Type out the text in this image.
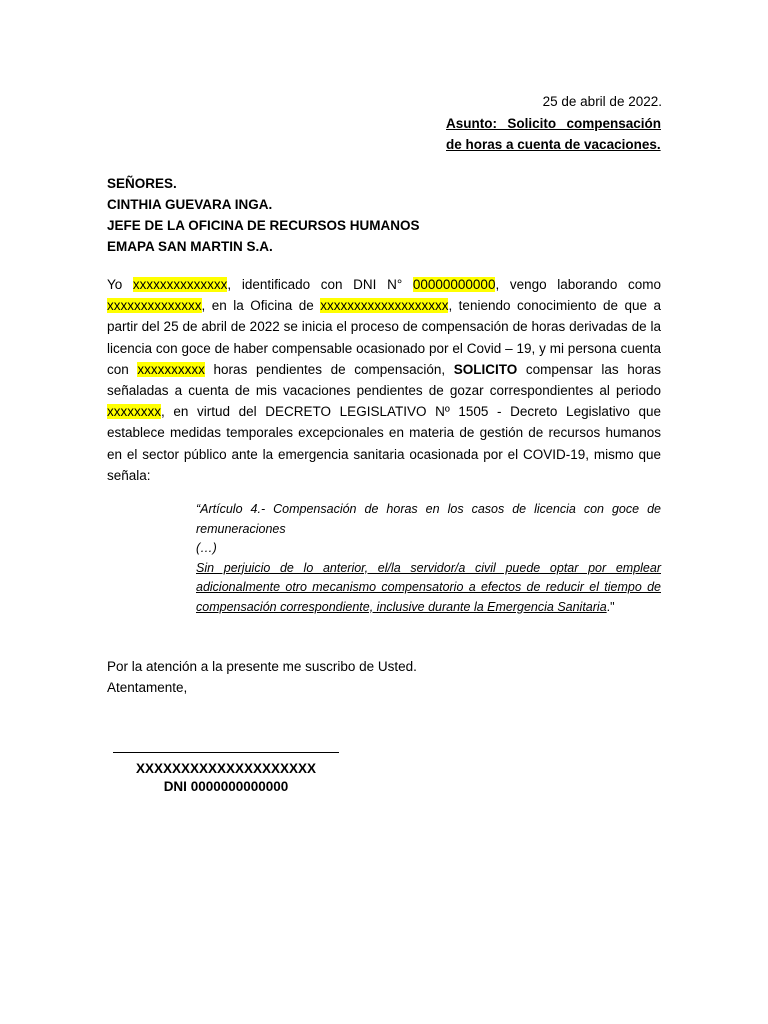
25 de abril de 2022.
Asunto: Solicito compensación de horas a cuenta de vacaciones.
SEÑORES.
CINTHIA GUEVARA INGA.
JEFE DE LA OFICINA DE RECURSOS HUMANOS
EMAPA SAN MARTIN S.A.

Yo xxxxxxxxxxxxxx, identificado con DNI N° 00000000000, vengo laborando como xxxxxxxxxxxxxx, en la Oficina de xxxxxxxxxxxxxxxxxxx, teniendo conocimiento de que a partir del 25 de abril de 2022 se inicia el proceso de compensación de horas derivadas de la licencia con goce de haber compensable ocasionado por el Covid – 19, y mi persona cuenta con xxxxxxxxxx horas pendientes de compensación, SOLICITO compensar las horas señaladas a cuenta de mis vacaciones pendientes de gozar correspondientes al periodo xxxxxxxx, en virtud del DECRETO LEGISLATIVO Nº 1505 - Decreto Legislativo que establece medidas temporales excepcionales en materia de gestión de recursos humanos en el sector público ante la emergencia sanitaria ocasionada por el COVID-19, mismo que señala:

“Artículo 4.- Compensación de horas en los casos de licencia con goce de remuneraciones

(…)

Sin perjuicio de lo anterior, el/la servidor/a civil puede optar por emplear adicionalmente otro mecanismo compensatorio a efectos de reducir el tiempo de compensación correspondiente, inclusive durante la Emergencia Sanitaria."

Por la atención a la presente me suscribo de Usted.
Atentamente,
XXXXXXXXXXXXXXXXXXXX
DNI 0000000000000
